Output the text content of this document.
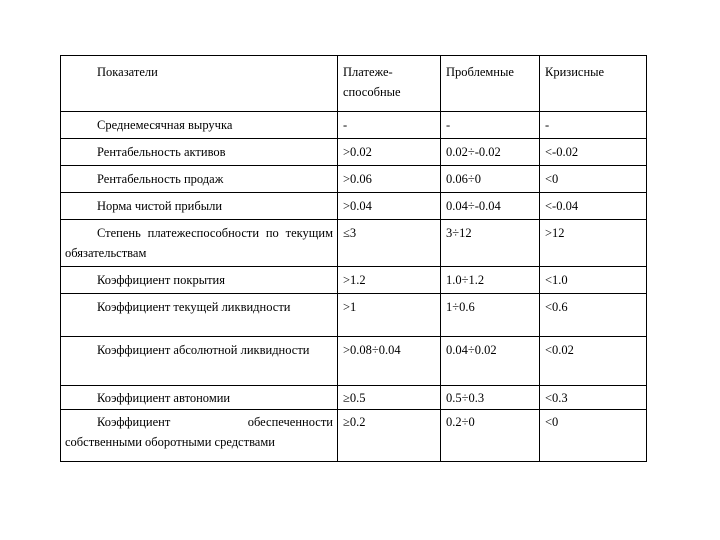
Показатели	Платеже-способные	Проблемные	Кризисные
Среднемесячная выручка	-	-	-
Рентабельность активов	>0.02	0.02÷-0.02	<-0.02
Рентабельность продаж	>0.06	0.06÷0	<0
Норма чистой прибыли	>0.04	0.04÷-0.04	<-0.04
Степень платежеспособности по текущим обязательствам	≤3	3÷12	>12
Коэффициент покрытия	>1.2	1.0÷1.2	<1.0
Коэффициент текущей ликвидности	>1	1÷0.6	<0.6
Коэффициент абсолютной ликвидности	>0.08÷0.04	0.04÷0.02	<0.02
Коэффициент автономии	≥0.5	0.5÷0.3	<0.3
Коэффициент обеспеченности собственными оборотными средствами	≥0.2	0.2÷0	<0
